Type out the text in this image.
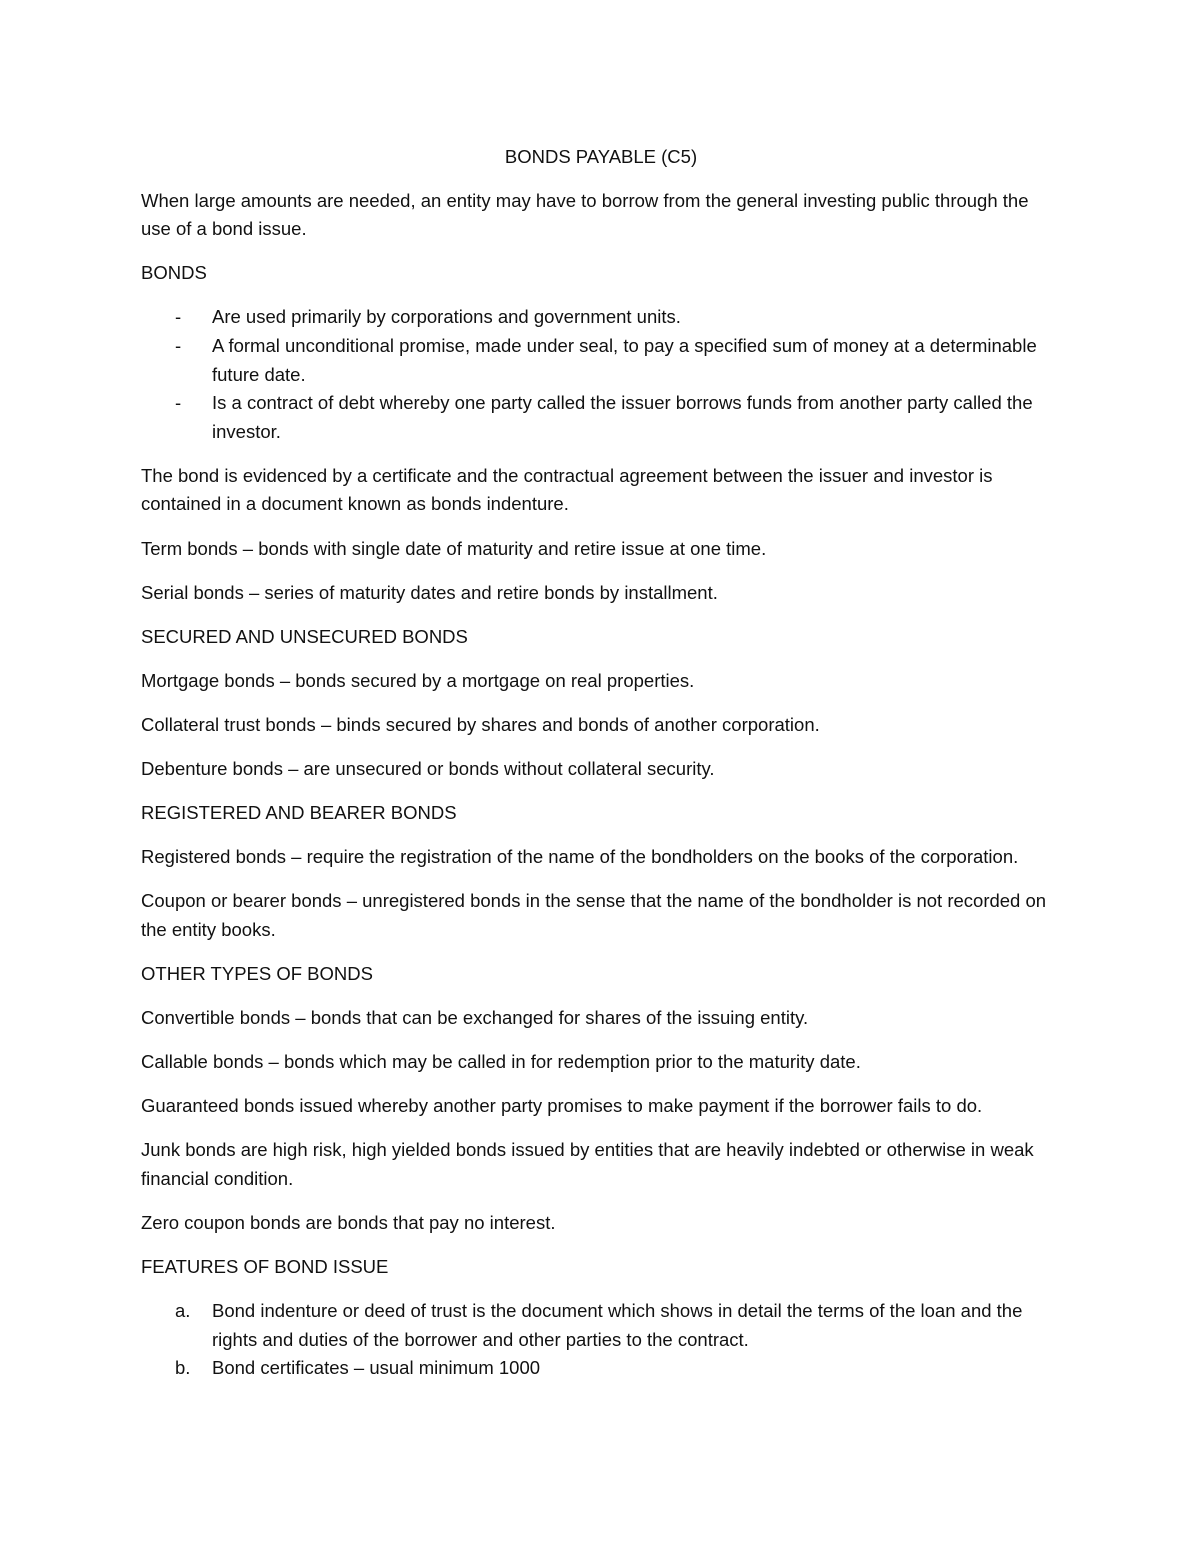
BONDS PAYABLE (C5)

When large amounts are needed, an entity may have to borrow from the general investing public through the use of a bond issue.

BONDS

- Are used primarily by corporations and government units.
- A formal unconditional promise, made under seal, to pay a specified sum of money at a determinable future date.
- Is a contract of debt whereby one party called the issuer borrows funds from another party called the investor.

The bond is evidenced by a certificate and the contractual agreement between the issuer and investor is contained in a document known as bonds indenture.

Term bonds – bonds with single date of maturity and retire issue at one time.

Serial bonds – series of maturity dates and retire bonds by installment.

SECURED AND UNSECURED BONDS

Mortgage bonds – bonds secured by a mortgage on real properties.

Collateral trust bonds – binds secured by shares and bonds of another corporation.

Debenture bonds – are unsecured or bonds without collateral security.

REGISTERED AND BEARER BONDS

Registered bonds – require the registration of the name of the bondholders on the books of the corporation.

Coupon or bearer bonds – unregistered bonds in the sense that the name of the bondholder is not recorded on the entity books.

OTHER TYPES OF BONDS

Convertible bonds – bonds that can be exchanged for shares of the issuing entity.

Callable bonds – bonds which may be called in for redemption prior to the maturity date.

Guaranteed bonds issued whereby another party promises to make payment if the borrower fails to do.

Junk bonds are high risk, high yielded bonds issued by entities that are heavily indebted or otherwise in weak financial condition.

Zero coupon bonds are bonds that pay no interest.

FEATURES OF BOND ISSUE

a. Bond indenture or deed of trust is the document which shows in detail the terms of the loan and the rights and duties of the borrower and other parties to the contract.
b. Bond certificates – usual minimum 1000
